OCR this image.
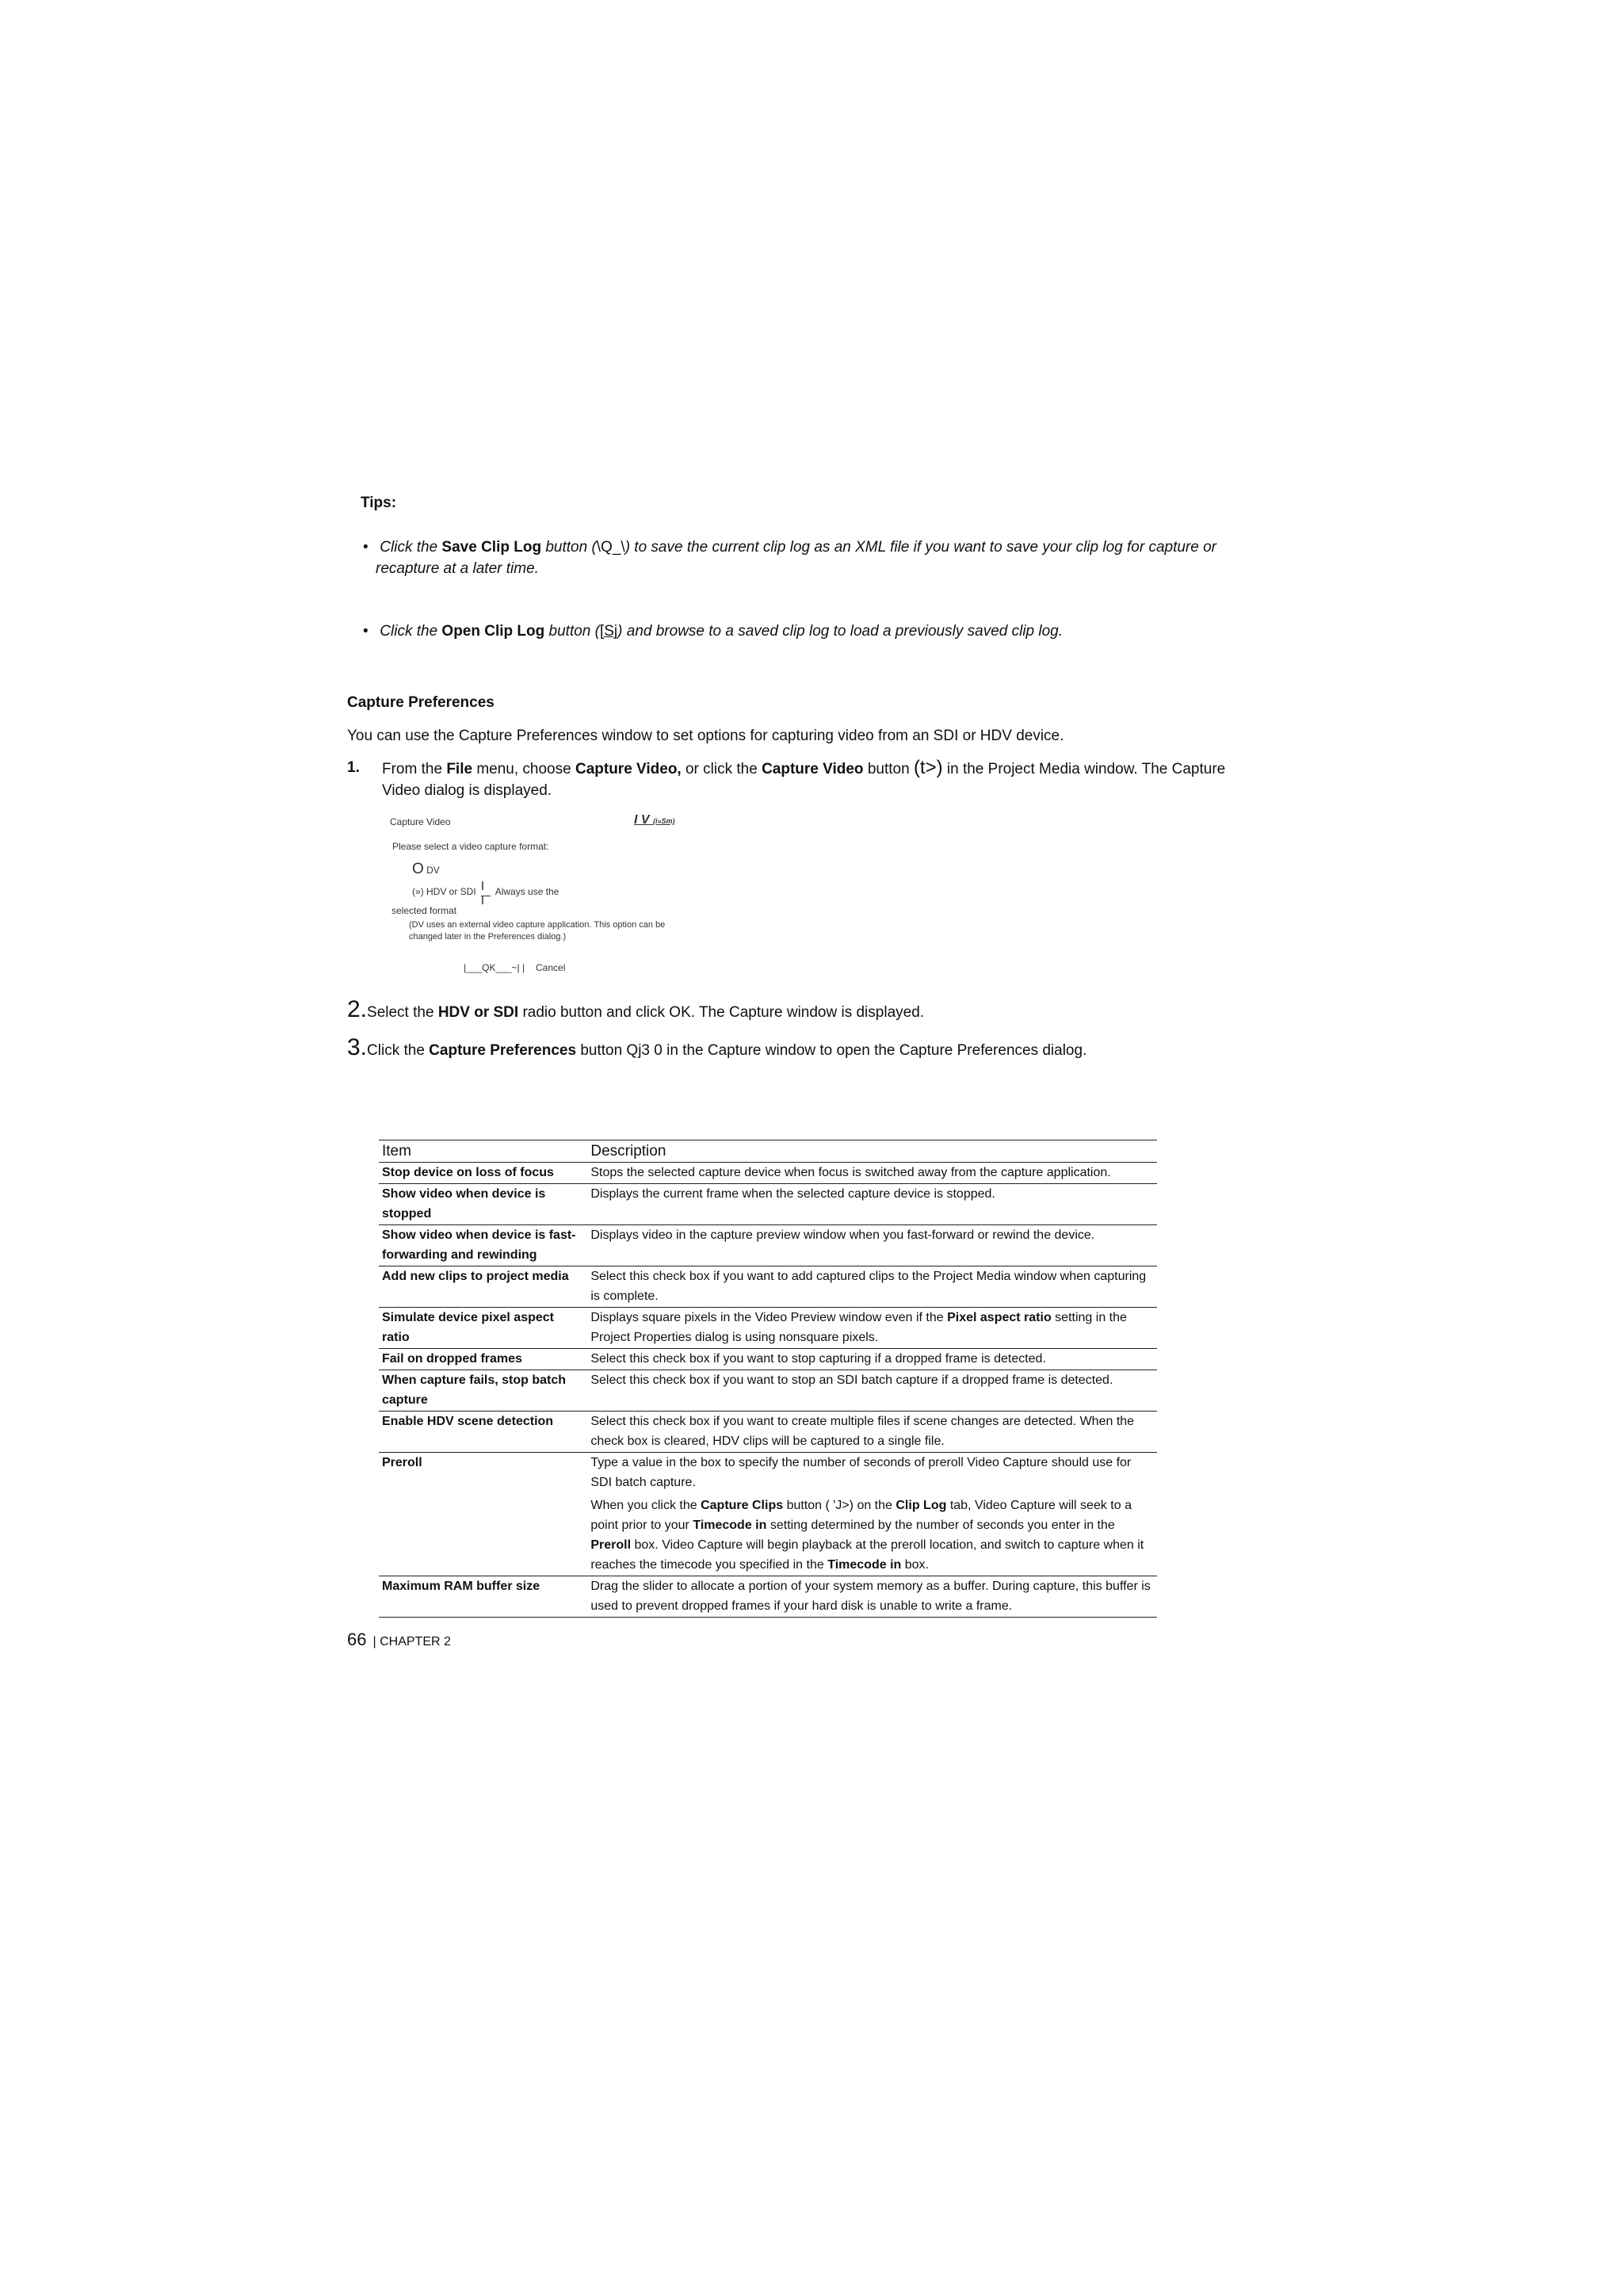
Tips:
• Click the Save Clip Log button (\Q_\) to save the current clip log as an XML file if you want to save your clip log for capture or
recapture at a later time.
• Click the Open Clip Log button ([Sj) and browse to a saved clip log to load a previously saved clip log.
Capture Preferences
You can use the Capture Preferences window to set options for capturing video from an SDI or HDV device.
1. From the File menu, choose Capture Video, or click the Capture Video button (t>) in the Project Media window. The Capture
Video dialog is displayed.
Capture Video	I V (i»Sm)
Please select a video capture format:
O DV
(») HDV or SDI I I Always use the
selected format
(DV uses an external video capture application. This option can be changed later in the Preferences dialog.)
|___QK___~| | Cancel
2.Select the HDV or SDI radio button and click OK. The Capture window is displayed.
3.Click the Capture Preferences button Qj3 0 in the Capture window to open the Capture Preferences dialog.
Item	Description
Stop device on loss of focus	Stops the selected capture device when focus is switched away from the capture application.
Show video when device is stopped	Displays the current frame when the selected capture device is stopped.
Show video when device is fast-forwarding and rewinding	Displays video in the capture preview window when you fast-forward or rewind the device.
Add new clips to project media	Select this check box if you want to add captured clips to the Project Media window when capturing is complete.
Simulate device pixel aspect ratio	Displays square pixels in the Video Preview window even if the Pixel aspect ratio setting in the Project Properties dialog is using nonsquare pixels.
Fail on dropped frames	Select this check box if you want to stop capturing if a dropped frame is detected.
When capture fails, stop batch capture	Select this check box if you want to stop an SDI batch capture if a dropped frame is detected.
Enable HDV scene detection	Select this check box if you want to create multiple files if scene changes are detected. When the check box is cleared, HDV clips will be captured to a single file.
Preroll	Type a value in the box to specify the number of seconds of preroll Video Capture should use for SDI batch capture.
When you click the Capture Clips button ( 'J>) on the Clip Log tab, Video Capture will seek to a point prior to your Timecode in setting determined by the number of seconds you enter in the Preroll box. Video Capture will begin playback at the preroll location, and switch to capture when it reaches the timecode you specified in the Timecode in box.

Maximum RAM buffer size	Drag the slider to allocate a portion of your system memory as a buffer. During capture, this buffer is used to prevent dropped frames if your hard disk is unable to write a frame.
66 | CHAPTER 2
